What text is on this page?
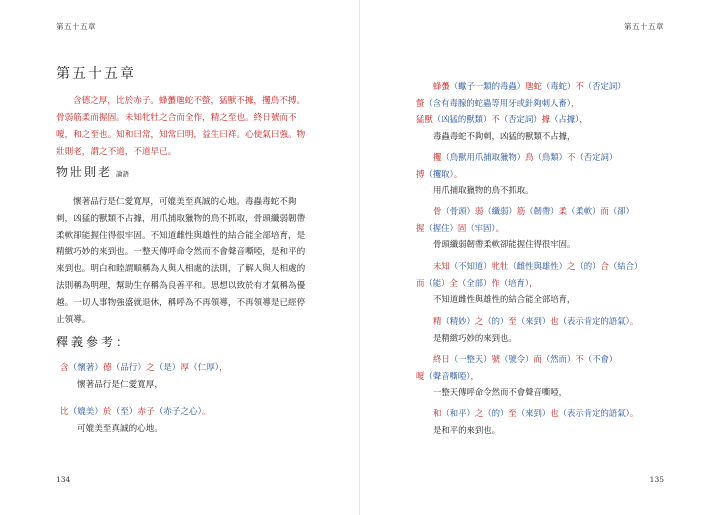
第五十五章
第五十五章
含德之厚，比於赤子。蜂蠆虺蛇不螫，猛獸不據，攫鳥不搏。骨弱筋柔而握固。未知牝牡之合而全作，精之至也。終日號而不嗄，和之至也。知和曰常，知常曰明，益生曰祥。心使氣曰強。物壯則老，謂之不道，不道早已。
物壯則老 論語
懷著品行是仁愛寬厚，可媲美至真誠的心地。毒蟲毒蛇不夠刺，凶猛的獸類不占據，用爪捕取獵物的鳥不抓取，骨頭纖弱韌帶柔軟卻能握住得很牢固。不知道雌性與雄性的結合能全部培育，是精緻巧妙的來到也。一整天傳呼命令然而不會聲音嘶啞，是和平的來到也。明白和睦謂順稱為人與人相處的法則，了解人與人相處的法則稱為明理，幫助生存稱為良善平和。思想以致於有才氣稱為優越。一切人事物強盛就退休，稱呼為不再領導，不再領導是已經停止領導。
釋義參考：
含（懷著）德（品行）之（是）厚（仁厚），
懷著品行是仁愛寬厚，
比（媲美）於（至）赤子（赤子之心）。
可媲美至真誠的心地。
134
第五十五章
蜂蠆（蠍子一類的毒蟲）虺蛇（毒蛇）不（否定詞）
螫（含有毒腺的蛇蟲等用牙或針夠刺人畜），
猛獸（凶猛的獸類）不（否定詞）據（占據），
毒蟲毒蛇不夠刺，凶猛的獸類不占據，
攫（鳥獸用爪捕取獵物）鳥（鳥類）不（否定詞）
搏（攫取）。
用爪捕取獵物的鳥不抓取。
骨（骨頭）弱（纖弱）筋（韌帶）柔（柔軟）而（卻）
握（握住）固（牢固）。
骨頭纖弱韌帶柔軟卻能握住得很牢固。
未知（不知道）牝牡（雌性與雄性）之（的）合（結合）
而（能）全（全部）作（培育），
不知道雌性與雄性的結合能全部培育，
精（精妙）之（的）至（來到）也（表示肯定的語氣）。
是精緻巧妙的來到也。
終日（一整天）號（號令）而（然而）不（不會）
嗄（聲音嘶啞），
一整天傳呼命令然而不會聲音嘶啞，
和（和平）之（的）至（來到）也（表示肯定的語氣）。
是和平的來到也。
135
